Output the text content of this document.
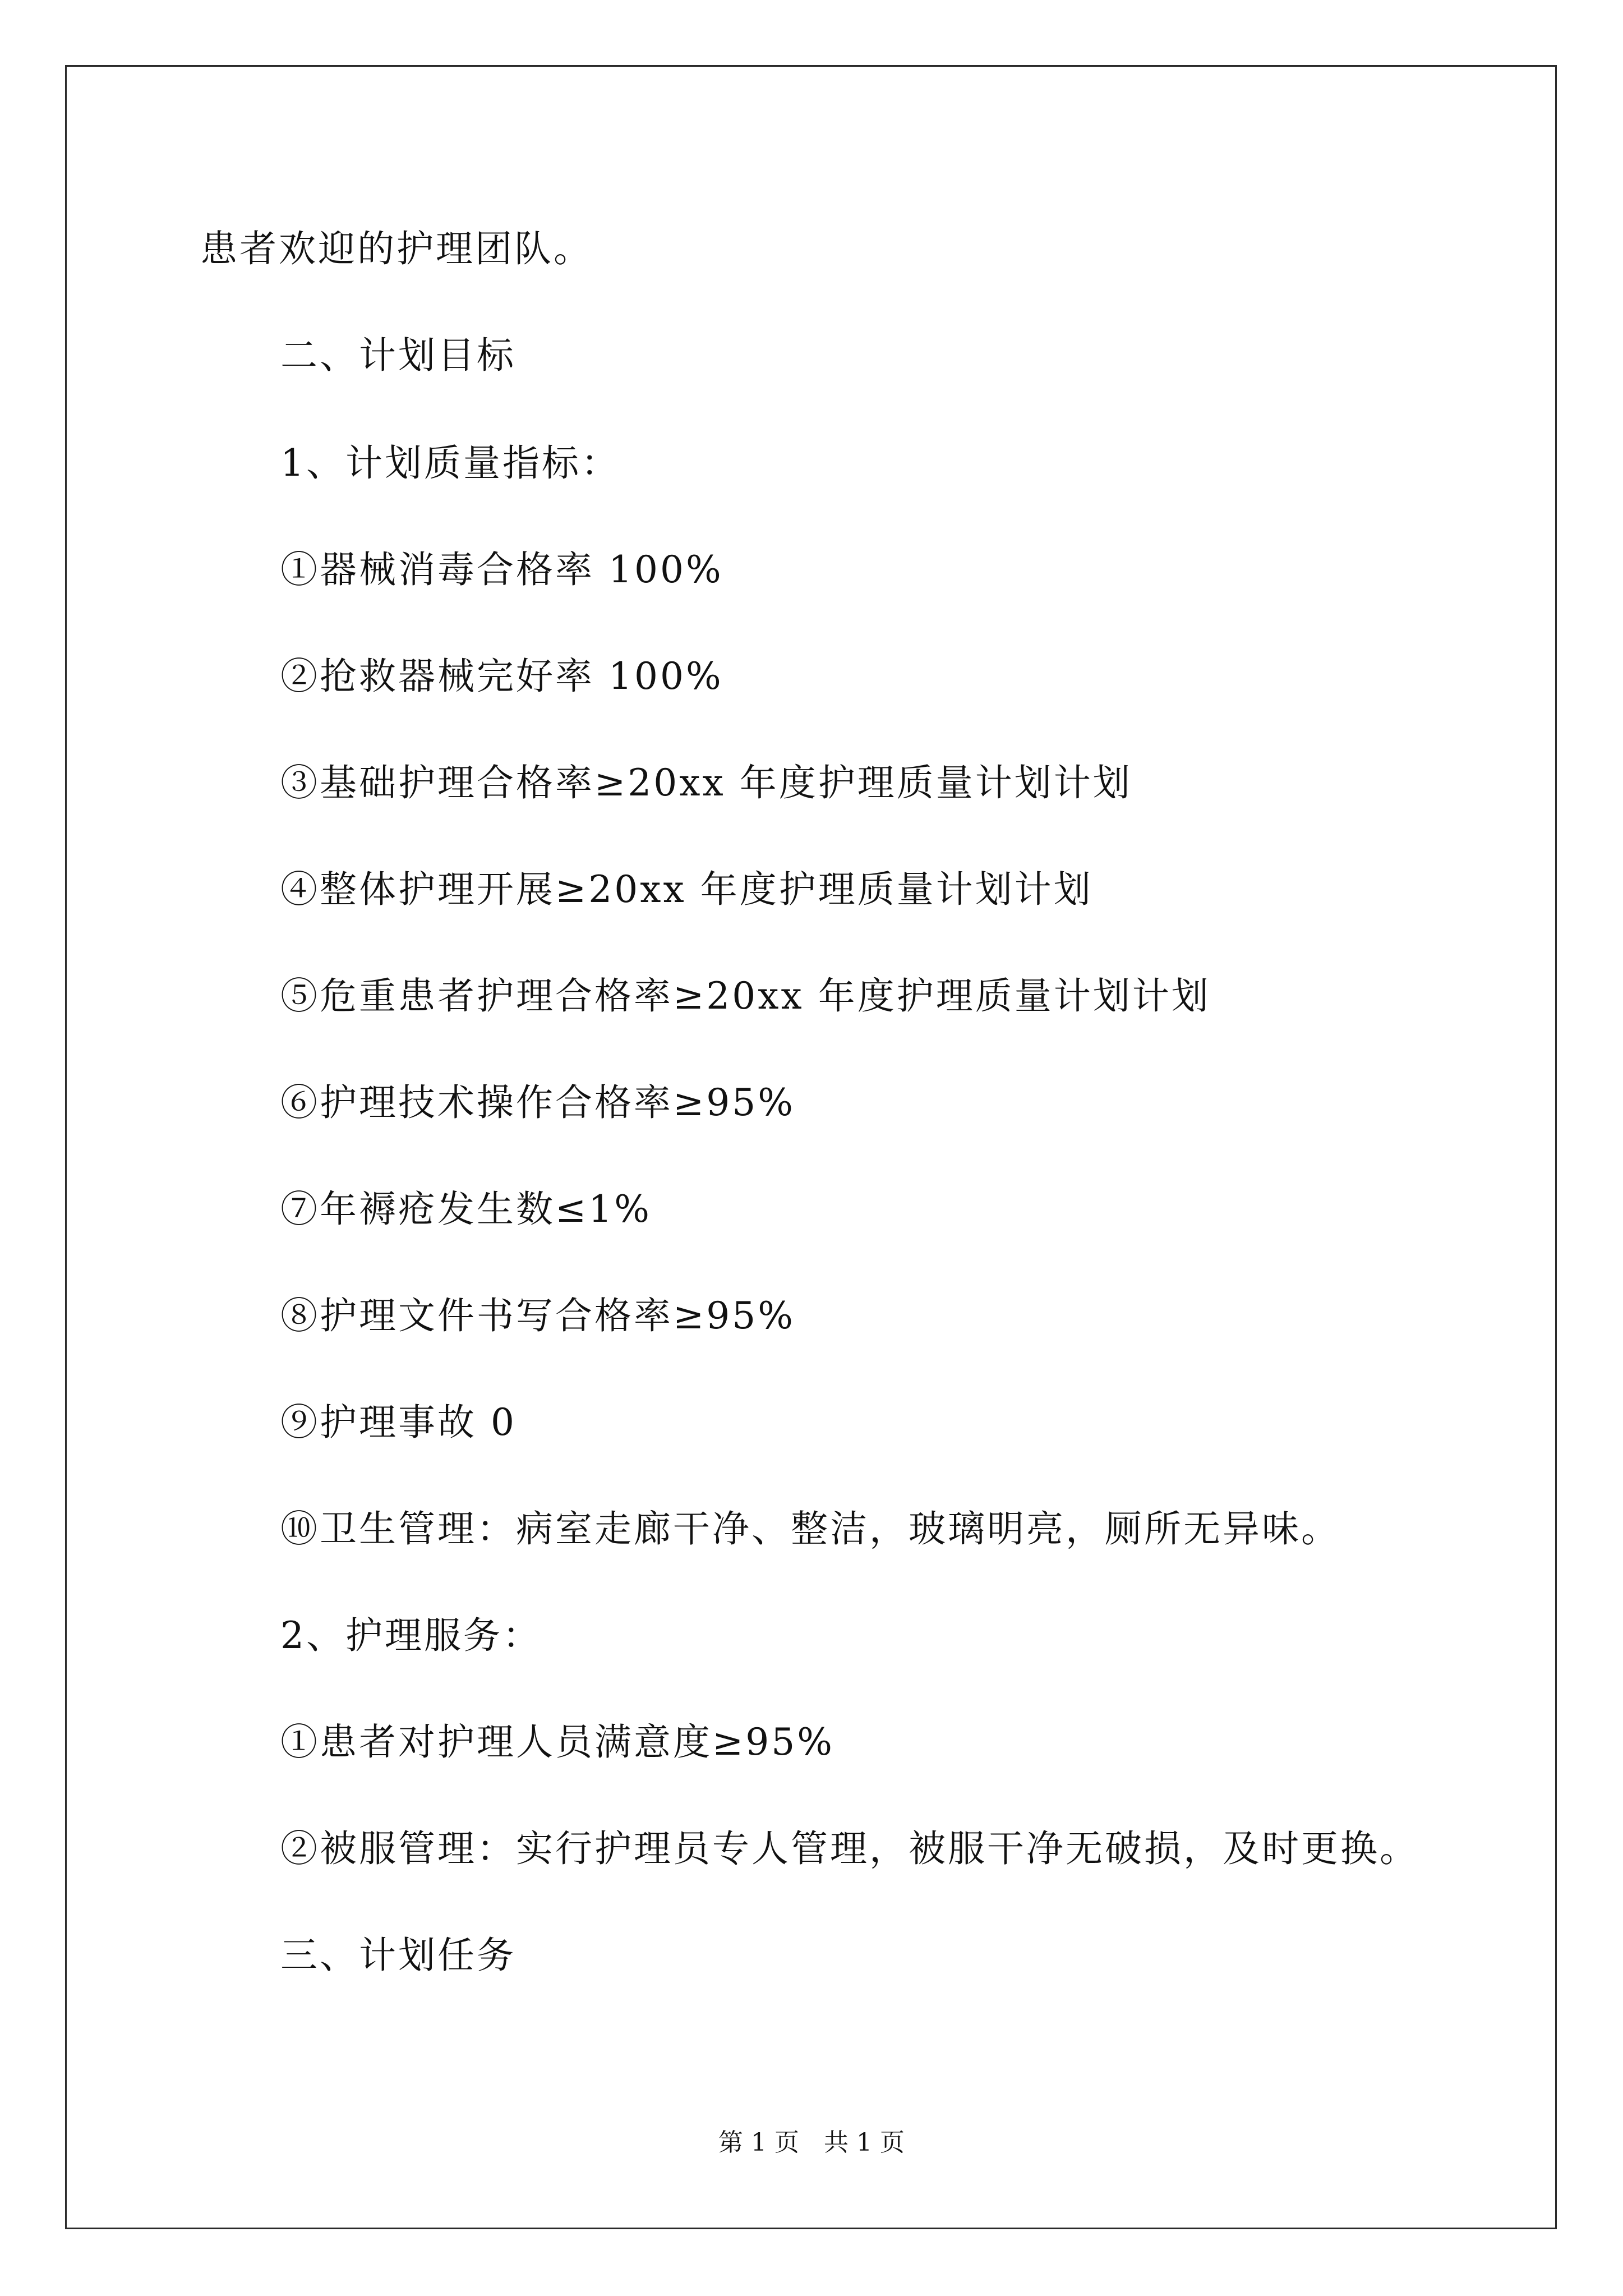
患者欢迎的护理团队。
二、计划目标
1、计划质量指标：
①器械消毒合格率 100%
②抢救器械完好率 100%
③基础护理合格率≥20xx 年度护理质量计划计划
④整体护理开展≥20xx 年度护理质量计划计划
⑤危重患者护理合格率≥20xx 年度护理质量计划计划
⑥护理技术操作合格率≥95%
⑦年褥疮发生数≤1%
⑧护理文件书写合格率≥95%
⑨护理事故 0
⑩卫生管理：病室走廊干净、整洁，玻璃明亮，厕所无异味。
2、护理服务：
①患者对护理人员满意度≥95%
②被服管理：实行护理员专人管理，被服干净无破损，及时更换。
三、计划任务
第 1 页　共 1 页
